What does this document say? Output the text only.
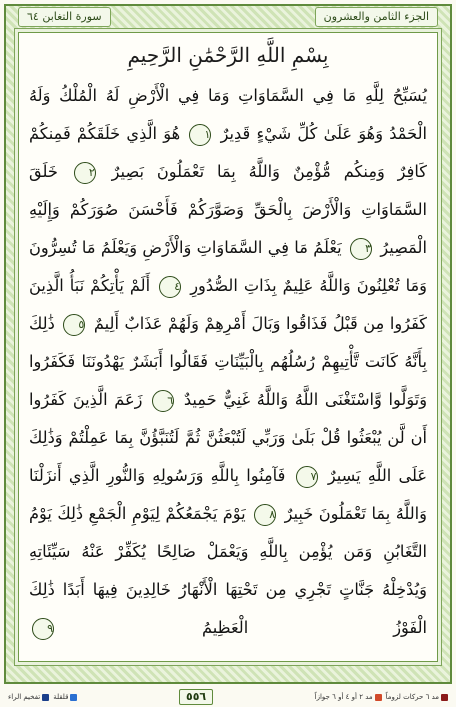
سورة التغابن ٦٤	الجزء الثامن والعشرون
بِسْمِ اللَّهِ الرَّحْمَٰنِ الرَّحِيمِ
يُسَبِّحُ لِلَّهِ مَا فِي السَّمَاوَاتِ وَمَا فِي الْأَرْضِ لَهُ الْمُلْكُ وَلَهُ الْحَمْدُ وَهُوَ عَلَىٰ كُلِّ شَيْءٍ قَدِيرٌ ١ هُوَ الَّذِي خَلَقَكُمْ فَمِنكُمْ كَافِرٌ وَمِنكُم مُّؤْمِنٌ وَاللَّهُ بِمَا تَعْمَلُونَ بَصِيرٌ ٢ خَلَقَ السَّمَاوَاتِ وَالْأَرْضَ بِالْحَقِّ وَصَوَّرَكُمْ فَأَحْسَنَ صُوَرَكُمْ وَإِلَيْهِ الْمَصِيرُ ٣ يَعْلَمُ مَا فِي السَّمَاوَاتِ وَالْأَرْضِ وَيَعْلَمُ مَا تُسِرُّونَ وَمَا تُعْلِنُونَ وَاللَّهُ عَلِيمٌ بِذَاتِ الصُّدُورِ ٤ أَلَمْ يَأْتِكُمْ نَبَأُ الَّذِينَ كَفَرُوا مِن قَبْلُ فَذَاقُوا وَبَالَ أَمْرِهِمْ وَلَهُمْ عَذَابٌ أَلِيمٌ ٥ ذَٰلِكَ بِأَنَّهُ كَانَت تَّأْتِيهِمْ رُسُلُهُم بِالْبَيِّنَاتِ فَقَالُوا أَبَشَرٌ يَهْدُونَنَا فَكَفَرُوا وَتَوَلَّوا وَّاسْتَغْنَى اللَّهُ وَاللَّهُ غَنِيٌّ حَمِيدٌ ٦ زَعَمَ الَّذِينَ كَفَرُوا أَن لَّن يُبْعَثُوا قُلْ بَلَىٰ وَرَبِّي لَتُبْعَثُنَّ ثُمَّ لَتُنَبَّؤُنَّ بِمَا عَمِلْتُمْ وَذَٰلِكَ عَلَى اللَّهِ يَسِيرٌ ٧ فَآمِنُوا بِاللَّهِ وَرَسُولِهِ وَالنُّورِ الَّذِي أَنزَلْنَا وَاللَّهُ بِمَا تَعْمَلُونَ خَبِيرٌ ٨ يَوْمَ يَجْمَعُكُمْ لِيَوْمِ الْجَمْعِ ذَٰلِكَ يَوْمُ التَّغَابُنِ وَمَن يُؤْمِن بِاللَّهِ وَيَعْمَلْ صَالِحًا يُكَفِّرْ عَنْهُ سَيِّئَاتِهِ وَيُدْخِلْهُ جَنَّاتٍ تَجْرِي مِن تَحْتِهَا الْأَنْهَارُ خَالِدِينَ فِيهَا أَبَدًا ذَٰلِكَ الْفَوْزُ الْعَظِيمُ ٩
مد ٦ حركات لزوماً
مد ٢ أو ٤ أو ٦ جوازاً
٥٥٦
قلقلة
تفخيم الراء
